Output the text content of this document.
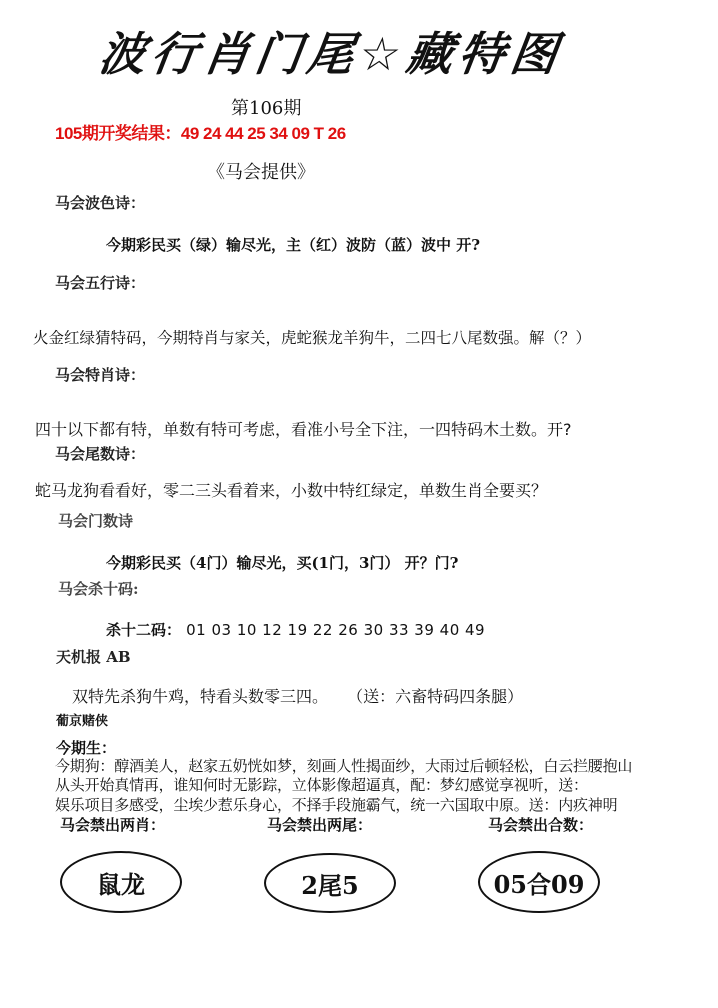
波行肖门尾☆藏特图
第106期
105期开奖结果：49 24 44 25 34 09 T 26
《马会提供》
马会波色诗：
今期彩民买（绿）输尽光，主（红）波防（蓝）波中 开?
马会五行诗：
火金红绿猜特码，今期特肖与家关，虎蛇猴龙羊狗牛，二四七八尾数强。解（？）
马会特肖诗：
四十以下都有特，单数有特可考虑，看准小号全下注，一四特码木土数。开?
马会尾数诗：
蛇马龙狗看看好，零二三头看着来，小数中特红绿定，单数生肖全要买？
马会门数诗
今期彩民买（4门）输尽光，买(1门，3门） 开？门?
马会杀十码:
杀十二码： 01 03 10 12 19 22 26 30 33 39 40 49
天机报 AB
双特先杀狗牛鸡，特看头数零三四。 （送：六畜特码四条腿）
葡京赌侠
今期生：
今期狗：醇酒美人，赵家五奶恍如梦，刻画人性揭面纱，大雨过后顿轻松，白云拦腰抱山
从头开始真情再，谁知何时无影踪，立体影像超逼真，配：梦幻感觉享视听，送：
娱乐项目多感受，尘埃少惹乐身心，不择手段施霸气，统一六国取中原。送：内疚神明
马会禁出两肖：	马会禁出两尾：	马会禁出合数：
鼠龙	2尾5	05合09
